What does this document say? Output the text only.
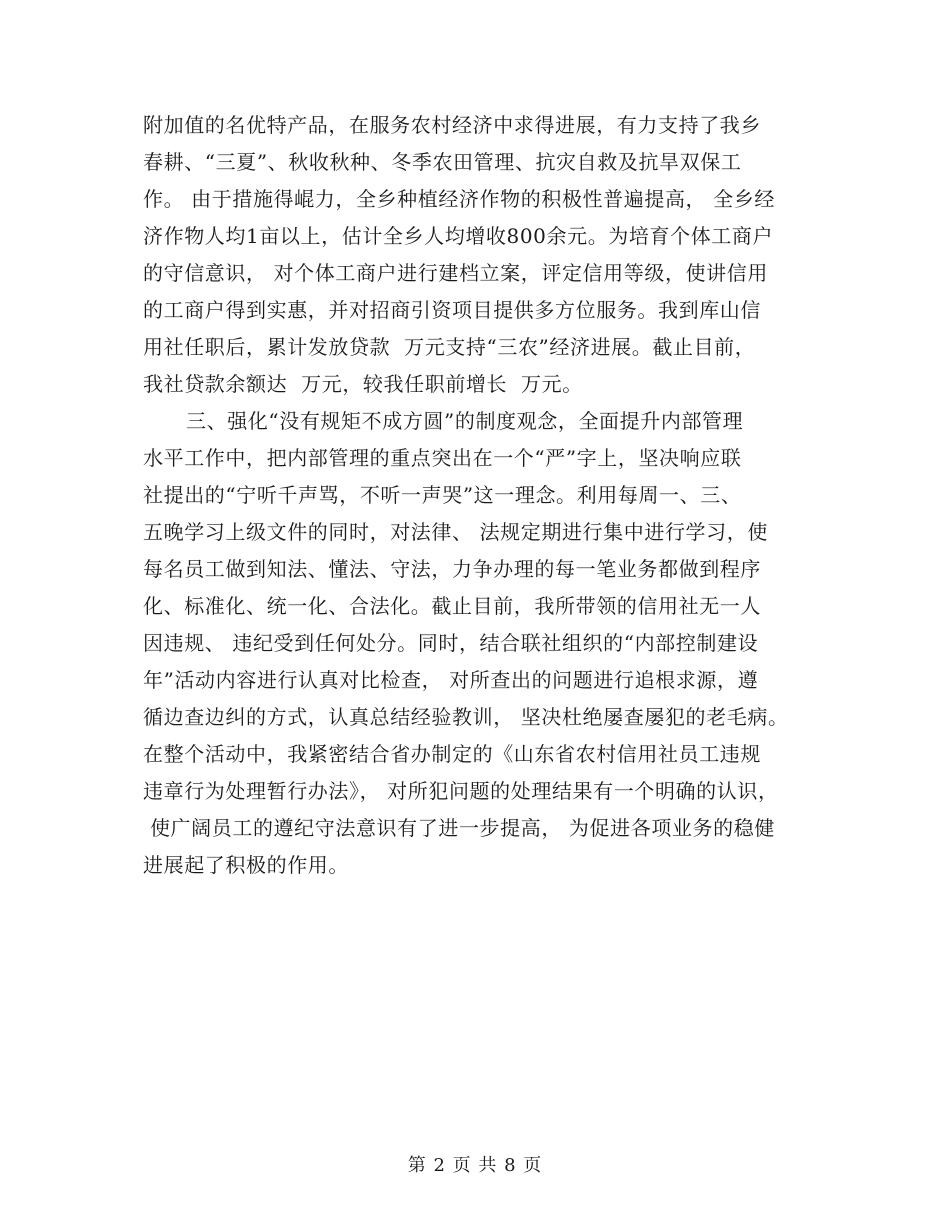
附加值的名优特产品，在服务农村经济中求得进展，有力支持了我乡
春耕、“三夏”、秋收秋种、冬季农田管理、抗灾自救及抗旱双保工
作。 由于措施得崐力，全乡种植经济作物的积极性普遍提高， 全乡经
济作物人均1亩以上，估计全乡人均增收800余元。为培育个体工商户
的守信意识， 对个体工商户进行建档立案，评定信用等级，使讲信用
的工商户得到实惠，并对招商引资项目提供多方位服务。我到库山信
用社任职后，累计发放贷款  万元支持“三农”经济进展。截止目前，
我社贷款余额达  万元，较我任职前增长  万元。
三、强化“没有规矩不成方圆”的制度观念，全面提升内部管理
水平工作中，把内部管理的重点突出在一个“严”字上，坚决响应联
社提出的“宁听千声骂，不听一声哭”这一理念。利用每周一、三、
五晚学习上级文件的同时，对法律、 法规定期进行集中进行学习，使
每名员工做到知法、懂法、守法，力争办理的每一笔业务都做到程序
化、标准化、统一化、合法化。截止目前，我所带领的信用社无一人
因违规、 违纪受到任何处分。同时，结合联社组织的“内部控制建设
年”活动内容进行认真对比检查， 对所查出的问题进行追根求源，遵
循边查边纠的方式，认真总结经验教训， 坚决杜绝屡查屡犯的老毛病。
在整个活动中，我紧密结合省办制定的《山东省农村信用社员工违规
违章行为处理暂行办法》， 对所犯问题的处理结果有一个明确的认识，
使广阔员工的遵纪守法意识有了进一步提高， 为促进各项业务的稳健
进展起了积极的作用。
第 2 页 共 8 页
